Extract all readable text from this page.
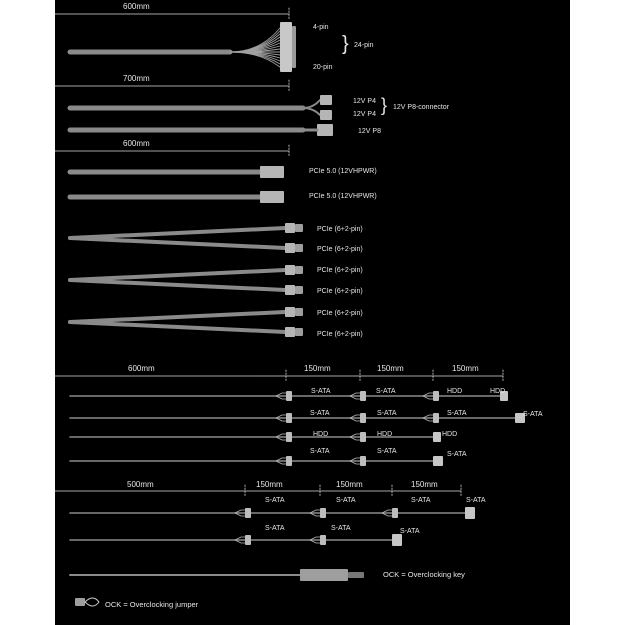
600mm
4-pin
} 24-pin
20-pin
700mm
12V P4
12V P4 } 12V P8-connector
12V P8
600mm
PCIe 5.0 (12VHPWR)
PCIe 5.0 (12VHPWR)
PCIe (6+2-pin)
PCIe (6+2-pin)
PCIe (6+2-pin)
PCIe (6+2-pin)
PCIe (6+2-pin)
PCIe (6+2-pin)
600mm	150mm	150mm	150mm
S-ATA	S-ATA	HDD	HDD
S-ATA	S-ATA	S-ATA	S-ATA
HDD	HDD	HDD
S-ATA	S-ATA	S-ATA
500mm	150mm	150mm	150mm
S-ATA	S-ATA	S-ATA	S-ATA
S-ATA	S-ATA	S-ATA
OCK = Overclocking key
OCK = Overclocking jumper
